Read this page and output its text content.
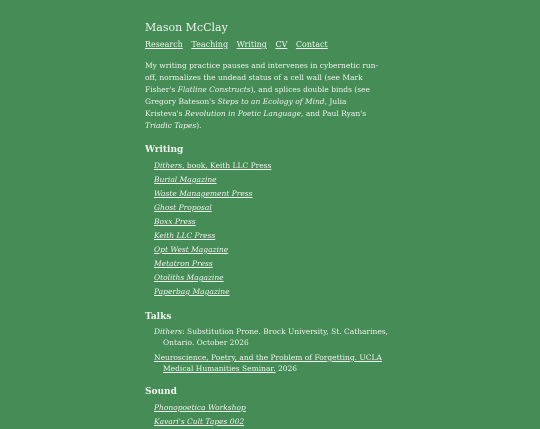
Mason McClay

Research Teaching Writing CV Contact
My writing practice pauses and intervenes in cybernetic run-off, normalizes the undead status of a cell wall (see Mark Fisher's Flatline Constructs), and splices double binds (see Gregory Bateson's Steps to an Ecology of Mind, Julia Kristeva's Revolution in Poetic Language, and Paul Ryan's Triadic Tapes).
Writing
Dithers, book, Keith LLC Press
Burial Magazine
Waste Management Press
Ghost Proposal
Boxx Press
Keith LLC Press
Opt West Magazine
Metatron Press
Otoliths Magazine
Paperbag Magazine
Talks
Dithers: Substitution Prone. Brock University, St. Catharines, Ontario. October 2026
Neuroscience, Poetry, and the Problem of Forgetting. UCLA Medical Humanities Seminar. 2026
Sound
Phonopoetica Workshop
Kavari's Cult Tapes 002
